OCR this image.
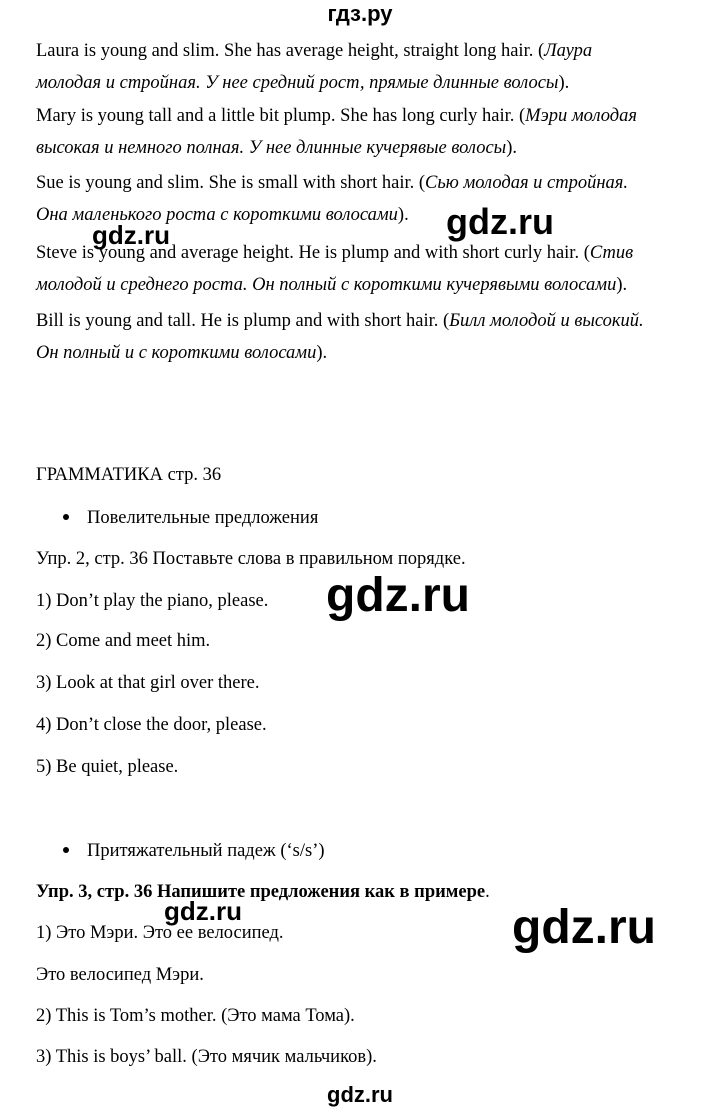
гдз.ру
Laura is young and slim. She has average height, straight long hair. (Лаура
молодая и стройная. У нее средний рост, прямые длинные волосы).
Mary is young tall and a little bit plump. She has long curly hair. (Мэри молодая
высокая и немного полная. У нее длинные кучерявые волосы).
Sue is young and slim. She is small with short hair. (Сью молодая и стройная.
Она маленького роста с короткими волосами).
Steve is young and average height. He is plump and with short curly hair. (Стив
молодой и среднего роста. Он полный с короткими кучерявыми волосами).
Bill is young and tall. He is plump and with short hair. (Билл молодой и высокий.
Он полный и с короткими волосами).
ГРАММАТИКА стр. 36
Повелительные предложения
Упр. 2, стр. 36 Поставьте слова в правильном порядке.
1) Don’t play the piano, please.
2) Come and meet him.
3) Look at that girl over there.
4) Don’t close the door, please.
5) Be quiet, please.
Притяжательный падеж (‘s/s’)
Упр. 3, стр. 36 Напишите предложения как в примере.
1) Это Мэри. Это ее велосипед.
Это велосипед Мэри.
2) This is Tom’s mother. (Это мама Тома).
3) This is boys’ ball. (Это мячик мальчиков).
gdz.ru
gdz.ru
gdz.ru
gdz.ru	gdz.ru
gdz.ru
